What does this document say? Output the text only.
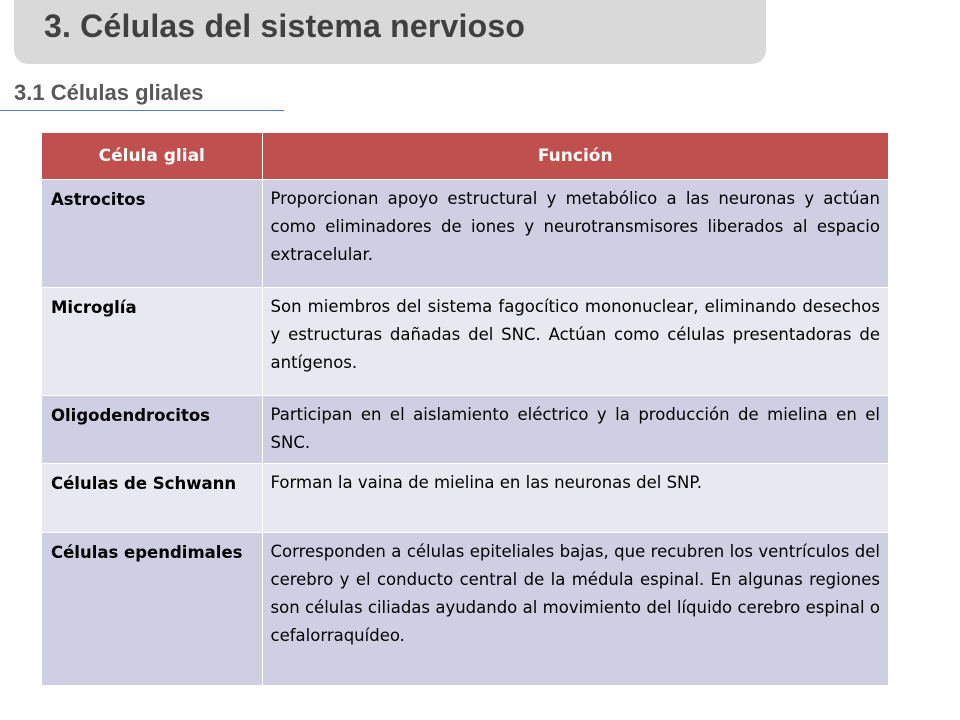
3. Células del sistema nervioso
3.1 Células gliales
Célula glial	Función
Astrocitos	Proporcionan apoyo estructural y metabólico a las neuronas y actúan como eliminadores de iones y neurotransmisores liberados al espacio extracelular.
Microglía	Son miembros del sistema fagocítico mononuclear, eliminando desechos y estructuras dañadas del SNC. Actúan como células presentadoras de antígenos.
Oligodendrocitos	Participan en el aislamiento eléctrico y la producción de mielina en el SNC.
Células de Schwann	Forman la vaina de mielina en las neuronas del SNP.
Células ependimales	Corresponden a células epiteliales bajas, que recubren los ventrículos del cerebro y el conducto central de la médula espinal. En algunas regiones son células ciliadas ayudando al movimiento del líquido cerebro espinal o cefalorraquídeo.
